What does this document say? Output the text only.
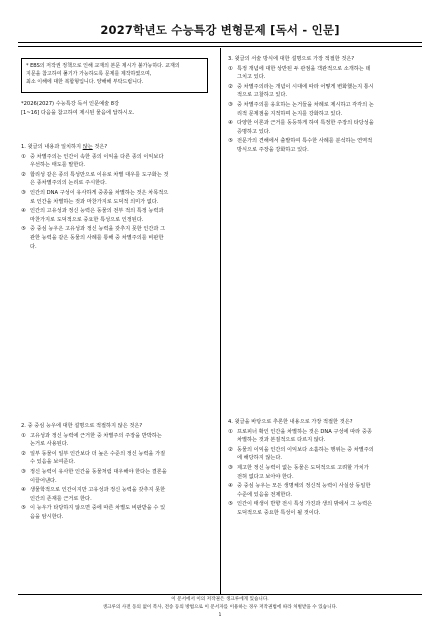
2027학년도 수능특강 변형문제 [독서 - 인문]
* EBS의 저작권 정책으로 인해 교재의 본문 제시가 불가능하다. 교재의
지문을 참고하여 풀기가 가능하도록 문제를 제작하였으며,
최소 이해에 대한 복합형입니다. 양해해 부탁드립니다.
*2026(2027) 수능특강 독서 인문예술 8강
[1~16] 다음을 참고하여 제시된 물음에 답하시오.
1. 윗글의 내용과 일치하지 않는 것은?
① 중 차별주의는 인간이 속한 종의 이익을 다른 종의 이익보다
우선하는 태도를 말한다.
② 합리성 같은 종의 특성만으로 이유로 차별 대우를 도구화는 것
은 종차별주의의 논리로 주시한다.
③ 인간의 DNA 구성이 유사하게 중종을 차별하는 것은 차목적으
로 인간을 차별하는 것과 마찬가지로 도덕적 의미가 없다.
④ 인간의 고유성과 정신 능력은 동물의 전부 적의 특정 능력과
마찬가지로 도덕적으로 중요한 특성으로 인정된다.
⑤ 중 중심 능우은 고유성과 정신 능력을 갖추지 못한 인간과 그
관한 능력을 같은 동물의 사례를 통해 중 차별주의를 비판한
다.
2. 중 중심 능우에 대한 설명으로 적절하지 않은 것은?
① 고유성과 정신 능력에 근거한 중 차별주의 주장을 반박하는
논거로 사용된다.
② 일부 동물이 일부 인간보다 더 높은 수준의 정신 능력을 가질
수 있음을 보여준다.
③ 정신 능력이 유사한 인간을 동물처럼 대우해야 한다는 결론을
이끌어낸다.
④ 생물학적으로 인간이지만 고유성과 정신 능력을 갖추지 못한
인간의 존재를 근거로 한다.
⑤ 이 능우가 타당하지 않으면 중에 따른 차별도 비판받을 수 있
음을 암시한다.
3. 윗글의 서술 방식에 대한 설명으로 가장 적절한 것은?
① 특정 개념에 대한 상반된 두 관점을 객관적으로 소개하는 데
그치고 있다.
② 중 차별주의라는 개념이 시대에 따라 어떻게 변화했는지 통시
적으로 고찰하고 있다.
③ 중 차별주의를 옹호하는 논거들을 차례로 제시하고 각각의 논
리적 문제점을 지적하며 논지를 강화하고 있다.
④ 다양한 이론과 근거를 동등하게 하여 특정한 주장의 타당성을
증명하고 있다.
⑤ 전문가의 견해에서 출발하여 특수한 사례를 분석하는 연역적
방식으로 주장을 강화하고 있다.
4. 윗글을 바탕으로 추론한 내용으로 가장 적절한 것은?
① 프로피너 확인 인간을 차별하는 것은 DNA 구성에 따라 중종
차별하는 것과 본질적으로 다르지 않다.
② 동물의 이익을 인간의 이익보다 소홀하는 행위는 중 차별주의
에 해당하지 않는다.
③ 제고한 정신 능력이 없는 동물은 도덕적으로 고려할 가치가
전혀 없다고 보아야 한다.
④ 중 중심 능우는 모든 생명체의 정신적 능력이 사실상 동일한
수준에 있음을 전제한다.
⑤ 인간이 태생이 반향 전시 특성 가진과 생의 밖에서 그 능력은
도덕적으로 중요한 특성이 될 것이다.
이 문서에서 이의 저작권은 생크루에게 있습니다.
생크루의 사전 동의 없이 복사, 전송 등의 방법으로 이 문서자를 이용하는 경우 저작권법에 따라 처벌받을 수 있습니다.
1
